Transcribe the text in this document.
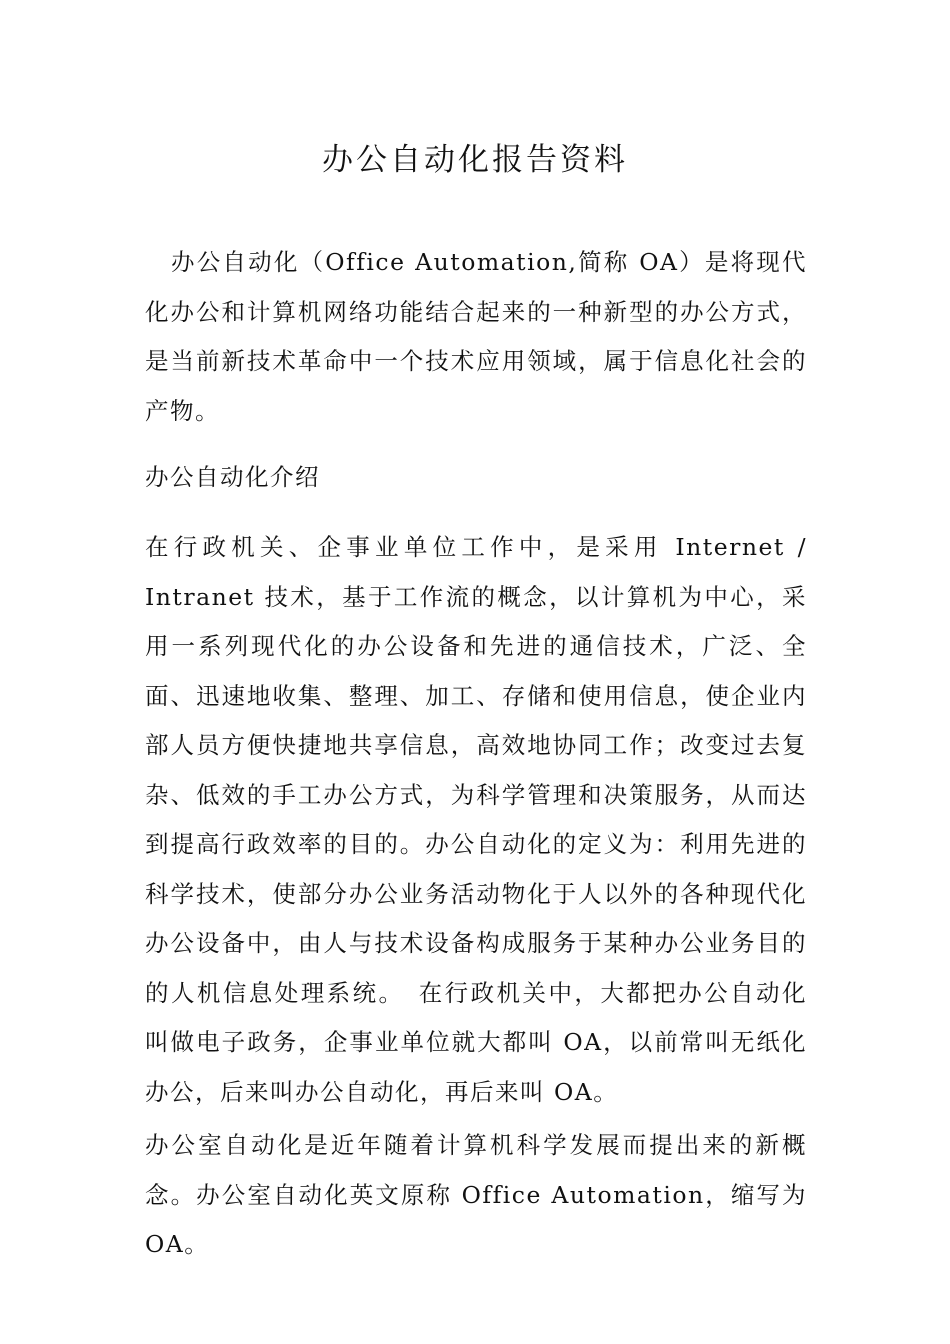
办公自动化报告资料

办公自动化（Office Automation,简称 OA）是将现代化办公和计算机网络功能结合起来的一种新型的办公方式，是当前新技术革命中一个技术应用领域，属于信息化社会的产物。

办公自动化介绍

在行政机关、企事业单位工作中，是采用 Internet / Intranet 技术，基于工作流的概念，以计算机为中心，采用一系列现代化的办公设备和先进的通信技术，广泛、全面、迅速地收集、整理、加工、存储和使用信息，使企业内部人员方便快捷地共享信息，高效地协同工作；改变过去复杂、低效的手工办公方式，为科学管理和决策服务，从而达到提高行政效率的目的。办公自动化的定义为：利用先进的科学技术，使部分办公业务活动物化于人以外的各种现代化办公设备中，由人与技术设备构成服务于某种办公业务目的的人机信息处理系统。　在行政机关中，大都把办公自动化叫做电子政务，企事业单位就大都叫 OA，以前常叫无纸化办公，后来叫办公自动化，再后来叫 OA。

办公室自动化是近年随着计算机科学发展而提出来的新概念。办公室自动化英文原称 Office Automation，缩写为 OA。
